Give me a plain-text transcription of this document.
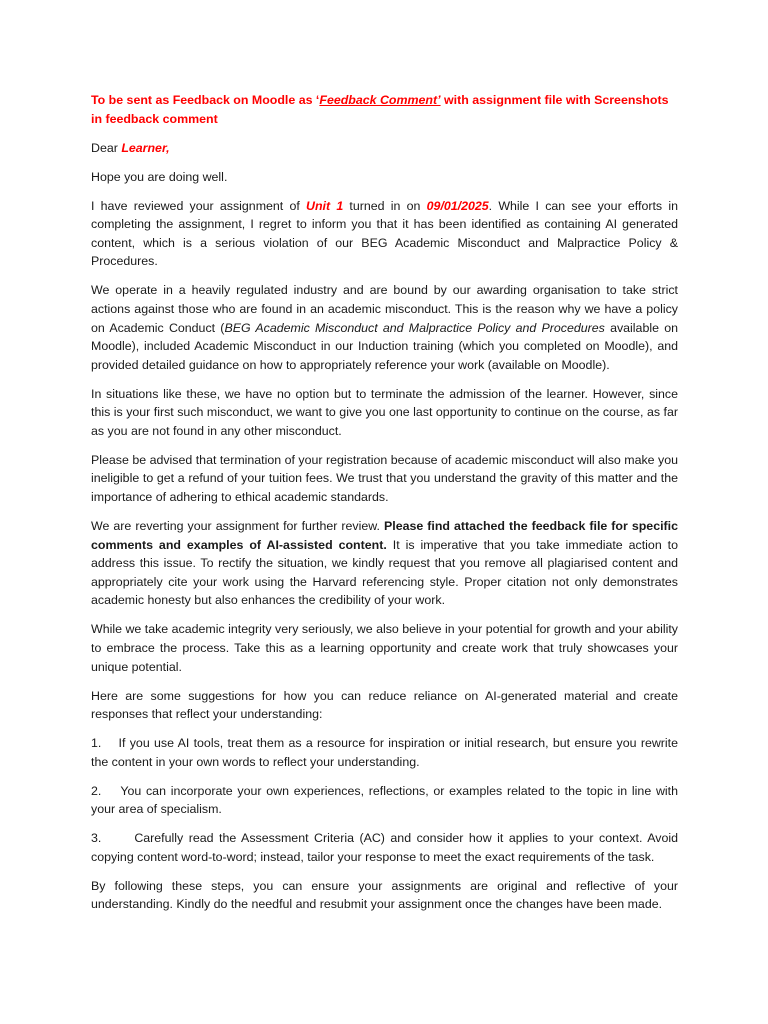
To be sent as Feedback on Moodle as ‘Feedback Comment’ with assignment file with Screenshots in feedback comment

Dear Learner,

Hope you are doing well.

I have reviewed your assignment of Unit 1 turned in on 09/01/2025. While I can see your efforts in completing the assignment, I regret to inform you that it has been identified as containing AI generated content, which is a serious violation of our BEG Academic Misconduct and Malpractice Policy & Procedures.

We operate in a heavily regulated industry and are bound by our awarding organisation to take strict actions against those who are found in an academic misconduct. This is the reason why we have a policy on Academic Conduct (BEG Academic Misconduct and Malpractice Policy and Procedures available on Moodle), included Academic Misconduct in our Induction training (which you completed on Moodle), and provided detailed guidance on how to appropriately reference your work (available on Moodle).

In situations like these, we have no option but to terminate the admission of the learner. However, since this is your first such misconduct, we want to give you one last opportunity to continue on the course, as far as you are not found in any other misconduct.

Please be advised that termination of your registration because of academic misconduct will also make you ineligible to get a refund of your tuition fees. We trust that you understand the gravity of this matter and the importance of adhering to ethical academic standards.

We are reverting your assignment for further review. Please find attached the feedback file for specific comments and examples of AI-assisted content. It is imperative that you take immediate action to address this issue. To rectify the situation, we kindly request that you remove all plagiarised content and appropriately cite your work using the Harvard referencing style. Proper citation not only demonstrates academic honesty but also enhances the credibility of your work.

While we take academic integrity very seriously, we also believe in your potential for growth and your ability to embrace the process. Take this as a learning opportunity and create work that truly showcases your unique potential.

Here are some suggestions for how you can reduce reliance on AI-generated material and create responses that reflect your understanding:

1. If you use AI tools, treat them as a resource for inspiration or initial research, but ensure you rewrite the content in your own words to reflect your understanding.

2. You can incorporate your own experiences, reflections, or examples related to the topic in line with your area of specialism.

3.	Carefully read the Assessment Criteria (AC) and consider how it applies to your context. Avoid copying content word-to-word; instead, tailor your response to meet the exact requirements of the task.

By following these steps, you can ensure your assignments are original and reflective of your understanding. Kindly do the needful and resubmit your assignment once the changes have been made.
